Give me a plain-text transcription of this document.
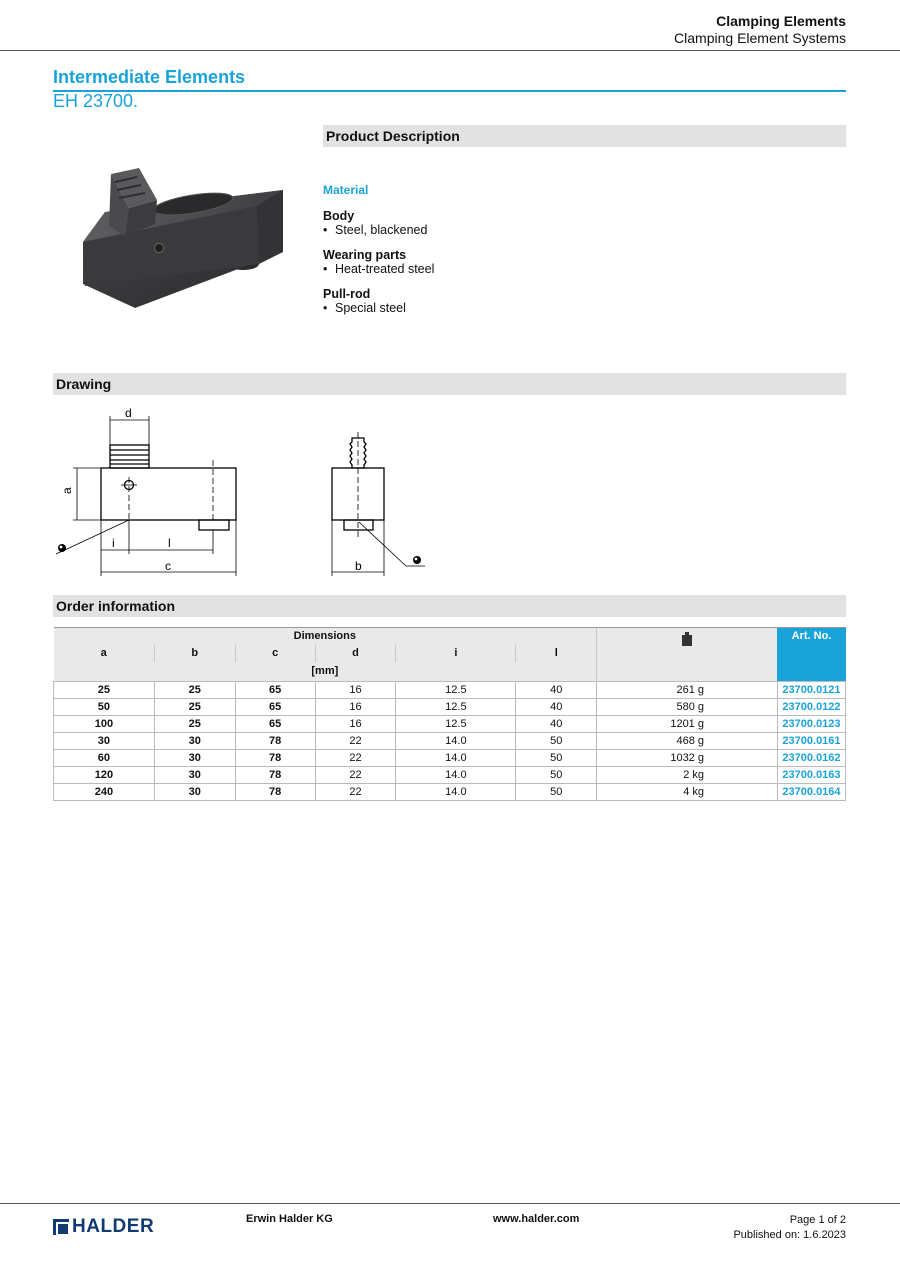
Clamping Elements
Clamping Element Systems
Intermediate Elements
EH 23700.
Product Description
Material
Body
• Steel, blackened
Wearing parts
• Heat-treated steel
Pull-rod
• Special steel
Drawing
d
a
i	l
c	b
Order information
Dimensions							Art. No.
a	b	c	d	i	l		
[mm]							
25	25	65	16	12.5	40	261 g	23700.0121
50	25	65	16	12.5	40	580 g	23700.0122
100	25	65	16	12.5	40	1201 g	23700.0123
30	30	78	22	14.0	50	468 g	23700.0161
60	30	78	22	14.0	50	1032 g	23700.0162
120	30	78	22	14.0	50	2 kg	23700.0163
240	30	78	22	14.0	50	4 kg	23700.0164
HALDER	Erwin Halder KG	www.halder.com	Page 1 of 2
Published on: 1.6.2023
